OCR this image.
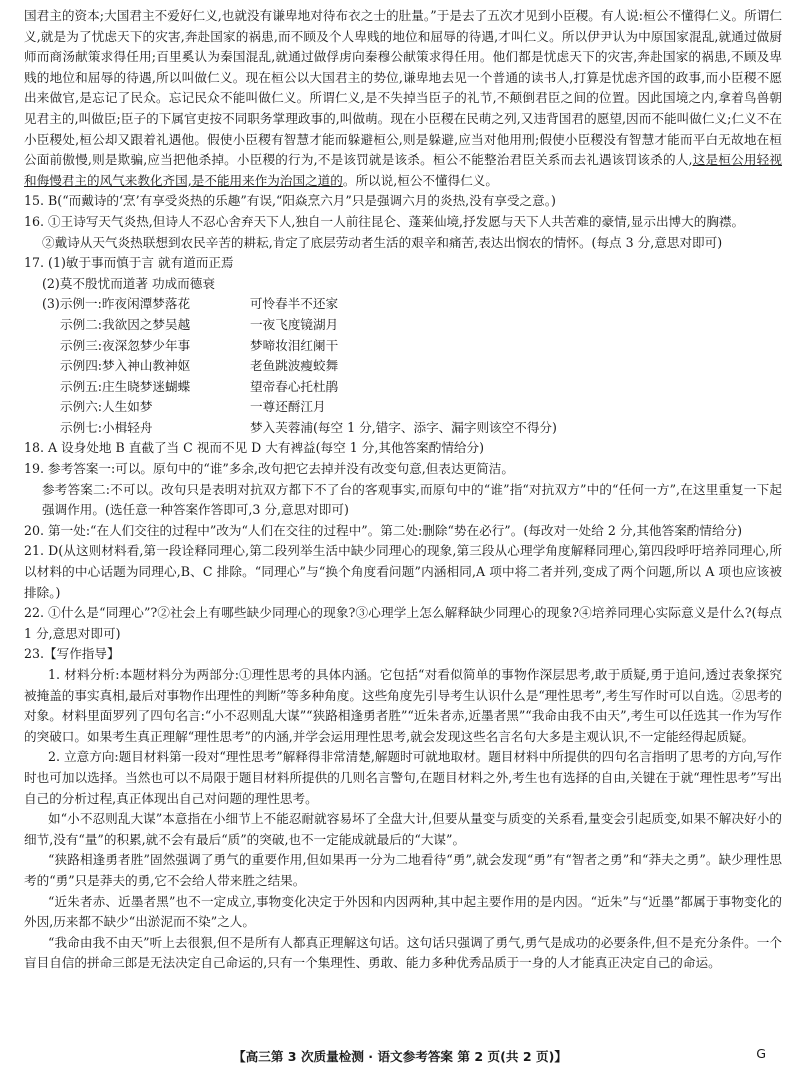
国君主的资本;大国君主不爱好仁义,也就没有谦卑地对待布衣之士的肚量。”于是去了五次才见到小臣稷。有人说:桓公不懂得仁义。所谓仁义,就是为了忧虑天下的灾害,奔赴国家的祸患,而不顾及个人卑贱的地位和屈辱的待遇,才叫仁义。所以伊尹认为中原国家混乱,就通过做厨师而商汤献策求得任用;百里奚认为秦国混乱,就通过做俘虏向秦穆公献策求得任用。他们都是忧虑天下的灾害,奔赴国家的祸患,不顾及卑贱的地位和屈辱的待遇,所以叫做仁义。现在桓公以大国君主的势位,谦卑地去见一个普通的读书人,打算是忧虑齐国的政事,而小臣稷不愿出来做官,是忘记了民众。忘记民众不能叫做仁义。所谓仁义,是不失掉当臣子的礼节,不颠倒君臣之间的位置。因此国境之内,拿着鸟兽朝见君主的,叫做臣;臣子的下属官吏按不同职务掌理政事的,叫做萌。现在小臣稷在民萌之列,又违背国君的愿望,因而不能叫做仁义;仁义不在小臣稷处,桓公却又跟着礼遇他。假使小臣稷有智慧才能而躲避桓公,则是躲避,应当对他用刑;假使小臣稷没有智慧才能而平白无故地在桓公面前傲慢,则是欺骗,应当把他杀掉。小臣稷的行为,不是该罚就是该杀。桓公不能整治君臣关系而去礼遇该罚该杀的人,这是桓公用轻视和侮慢君主的风气来教化齐国,是不能用来作为治国之道的。所以说,桓公不懂得仁义。

15. B(“而戴诗的‘烹’有享受炎热的乐趣”有误,“阳焱烹六月”只是强调六月的炎热,没有享受之意。)

16. ①王诗写天气炎热,但诗人不忍心舍弃天下人,独自一人前往昆仑、蓬莱仙境,抒发愿与天下人共苦难的豪情,显示出博大的胸襟。

②戴诗从天气炎热联想到农民辛苦的耕耘,肯定了底层劳动者生活的艰辛和痛苦,表达出悯农的情怀。(每点 3 分,意思对即可)

17. (1)敏于事而慎于言 就有道而正焉
(2)莫不殷忧而道著 功成而德衰
(3)示例一:昨夜闲潭梦落花	可怜春半不还家
示例二:我欲因之梦吴越	一夜飞度镜湖月
示例三:夜深忽梦少年事	梦啼妆泪红阑干
示例四:梦入神山教神妪	老鱼跳波瘦蛟舞
示例五:庄生晓梦迷蝴蝶	望帝春心托杜鹃
示例六:人生如梦	一尊还酹江月
示例七:小楫轻舟	梦入芙蓉浦(每空 1 分,错字、添字、漏字则该空不得分)
18. A 设身处地 B 直截了当 C 视而不见 D 大有裨益(每空 1 分,其他答案酌情给分)

19. 参考答案一:可以。原句中的“谁”多余,改句把它去掉并没有改变句意,但表达更简洁。

参考答案二:不可以。改句只是表明对抗双方都下不了台的客观事实,而原句中的“谁”指“对抗双方”中的“任何一方”,在这里重复一下起强调作用。(选任意一种答案作答即可,3 分,意思对即可)

20. 第一处:“在人们交往的过程中”改为“人们在交往的过程中”。第二处:删除“势在必行”。(每改对一处给 2 分,其他答案酌情给分)

21. D(从这则材料看,第一段诠释同理心,第二段列举生活中缺少同理心的现象,第三段从心理学角度解释同理心,第四段呼吁培养同理心,所以材料的中心话题为同理心,B、C 排除。“同理心”与“换个角度看问题”内涵相同,A 项中将二者并列,变成了两个问题,所以 A 项也应该被排除。)

22. ①什么是“同理心”?②社会上有哪些缺少同理心的现象?③心理学上怎么解释缺少同理心的现象?④培养同理心实际意义是什么?(每点 1 分,意思对即可)

23.【写作指导】

1. 材料分析:本题材料分为两部分:①理性思考的具体内涵。它包括“对看似简单的事物作深层思考,敢于质疑,勇于追问,透过表象探究被掩盖的事实真相,最后对事物作出理性的判断”等多种角度。这些角度先引导考生认识什么是“理性思考”,考生写作时可以自选。②思考的对象。材料里面罗列了四句名言:“小不忍则乱大谋”“狭路相逢勇者胜”“近朱者赤,近墨者黑”“我命由我不由天”,考生可以任选其一作为写作的突破口。如果考生真正理解“理性思考”的内涵,并学会运用理性思考,就会发现这些名言名句大多是主观认识,不一定能经得起质疑。

2. 立意方向:题目材料第一段对“理性思考”解释得非常清楚,解题时可就地取材。题目材料中所提供的四句名言指明了思考的方向,写作时也可加以选择。当然也可以不局限于题目材料所提供的几则名言警句,在题目材料之外,考生也有选择的自由,关键在于就“理性思考”写出自己的分析过程,真正体现出自己对问题的理性思考。

如“小不忍则乱大谋”本意指在小细节上不能忍耐就容易坏了全盘大计,但要从量变与质变的关系看,量变会引起质变,如果不解决好小的细节,没有“量”的积累,就不会有最后“质”的突破,也不一定能成就最后的“大谋”。

“狭路相逢勇者胜”固然强调了勇气的重要作用,但如果再一分为二地看待“勇”,就会发现“勇”有“智者之勇”和“莽夫之勇”。缺少理性思考的“勇”只是莽夫的勇,它不会给人带来胜之结果。

“近朱者赤、近墨者黑”也不一定成立,事物变化决定于外因和内因两种,其中起主要作用的是内因。“近朱”与“近墨”都属于事物变化的外因,历来都不缺少“出淤泥而不染”之人。

“我命由我不由天”听上去很狠,但不是所有人都真正理解这句话。这句话只强调了勇气,勇气是成功的必要条件,但不是充分条件。一个盲目自信的拼命三郎是无法决定自己命运的,只有一个集理性、勇敢、能力多种优秀品质于一身的人才能真正决定自己的命运。

【高三第 3 次质量检测 · 语文参考答案 第 2 页(共 2 页)】	G
